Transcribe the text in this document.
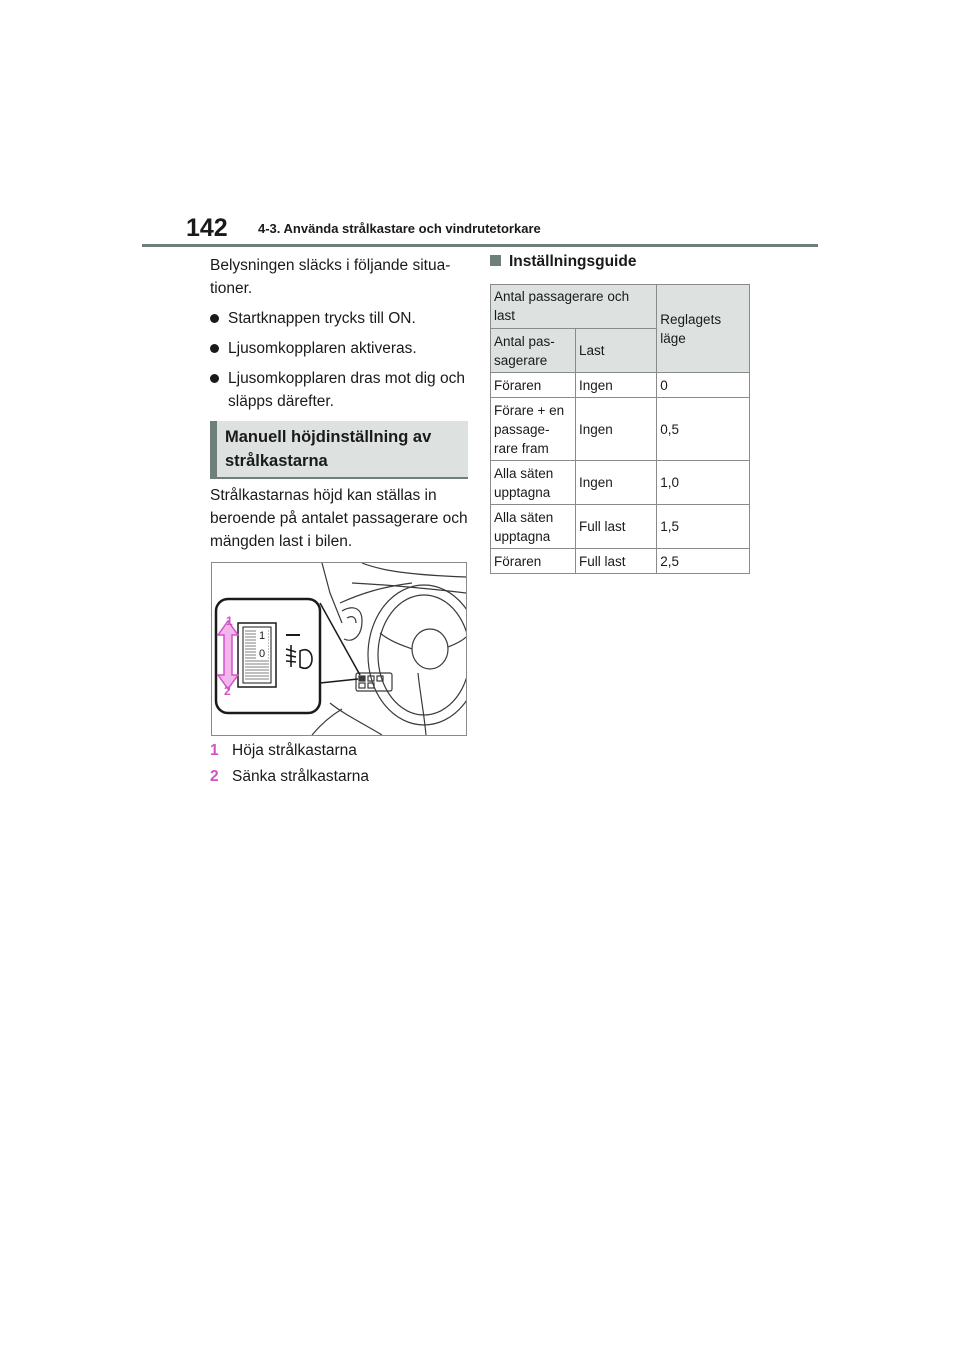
142 4-3. Använda strålkastare och vindrutetorkare

Belysningen släcks i följande situa-tioner.

Startknappen trycks till ON.
Ljusomkopplaren aktiveras.
Ljusomkopplaren dras mot dig och släpps därefter.
Manuell höjdinställning av strålkastarna

Strålkastarnas höjd kan ställas in beroende på antalet passagerare och mängden last i bilen.

1
0
1
2
1 Höja strålkastarna
2 Sänka strålkastarna
Inställningsguide
Antal passagerare och last		Reglagets läge
Antal pas-sagerare	Last	
Föraren	Ingen	0
Förare + en passage-rare fram	Ingen	0,5
Alla säten upptagna	Ingen	1,0
Alla säten upptagna	Full last	1,5
Föraren	Full last	2,5
